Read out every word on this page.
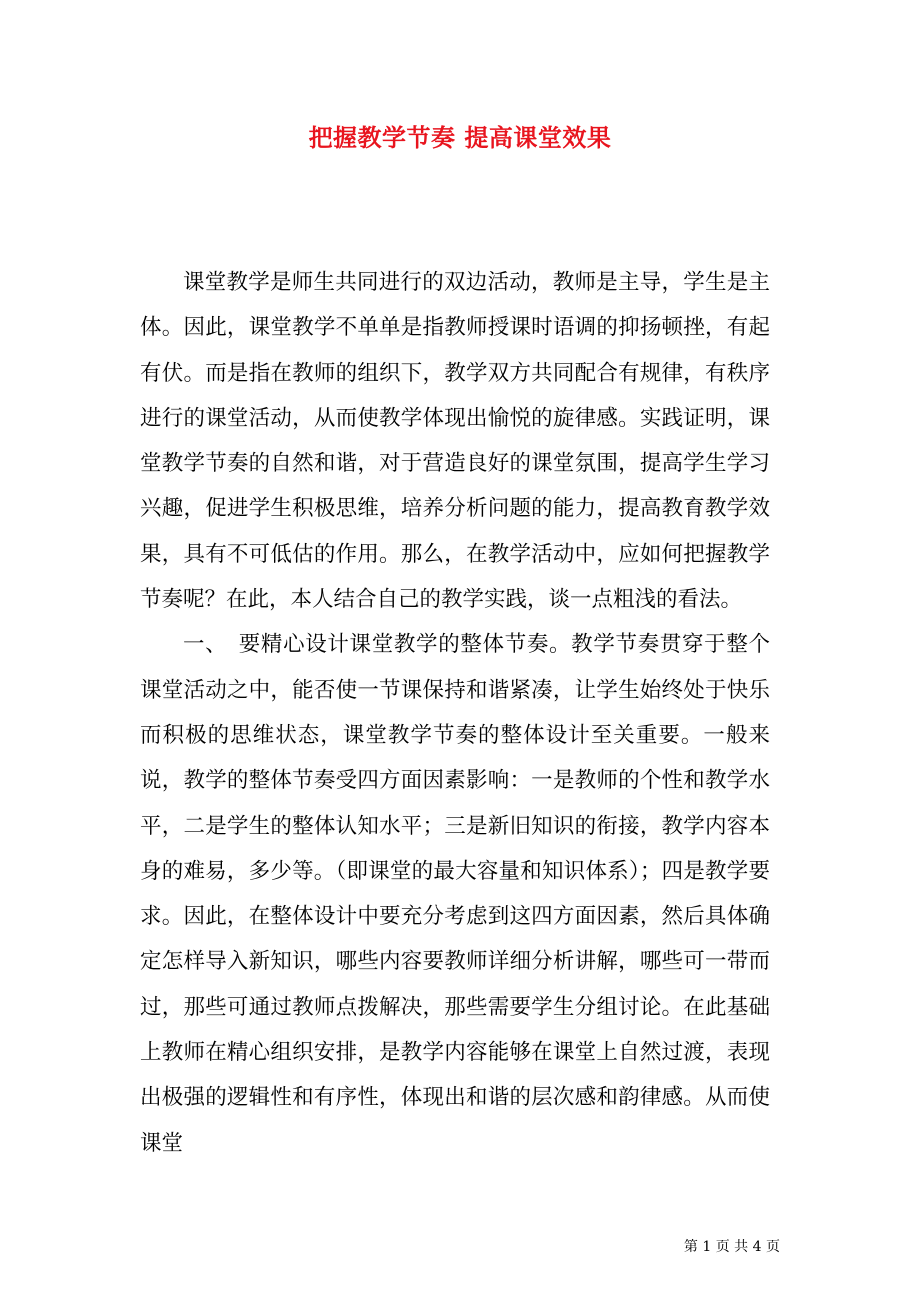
把握教学节奏 提高课堂效果

课堂教学是师生共同进行的双边活动，教师是主导，学生是主体。因此，课堂教学不单单是指教师授课时语调的抑扬顿挫，有起有伏。而是指在教师的组织下，教学双方共同配合有规律，有秩序进行的课堂活动，从而使教学体现出愉悦的旋律感。实践证明，课堂教学节奏的自然和谐，对于营造良好的课堂氛围，提高学生学习兴趣，促进学生积极思维，培养分析问题的能力，提高教育教学效果，具有不可低估的作用。那么，在教学活动中，应如何把握教学节奏呢？在此，本人结合自己的教学实践，谈一点粗浅的看法。

一、　要精心设计课堂教学的整体节奏。教学节奏贯穿于整个课堂活动之中，能否使一节课保持和谐紧凑，让学生始终处于快乐而积极的思维状态，课堂教学节奏的整体设计至关重要。一般来说，教学的整体节奏受四方面因素影响：一是教师的个性和教学水平，二是学生的整体认知水平；三是新旧知识的衔接，教学内容本身的难易，多少等。（即课堂的最大容量和知识体系）；四是教学要求。因此，在整体设计中要充分考虑到这四方面因素，然后具体确定怎样导入新知识，哪些内容要教师详细分析讲解，哪些可一带而过，那些可通过教师点拨解决，那些需要学生分组讨论。在此基础上教师在精心组织安排，是教学内容能够在课堂上自然过渡，表现出极强的逻辑性和有序性，体现出和谐的层次感和韵律感。从而使课堂

第 1 页 共 4 页
